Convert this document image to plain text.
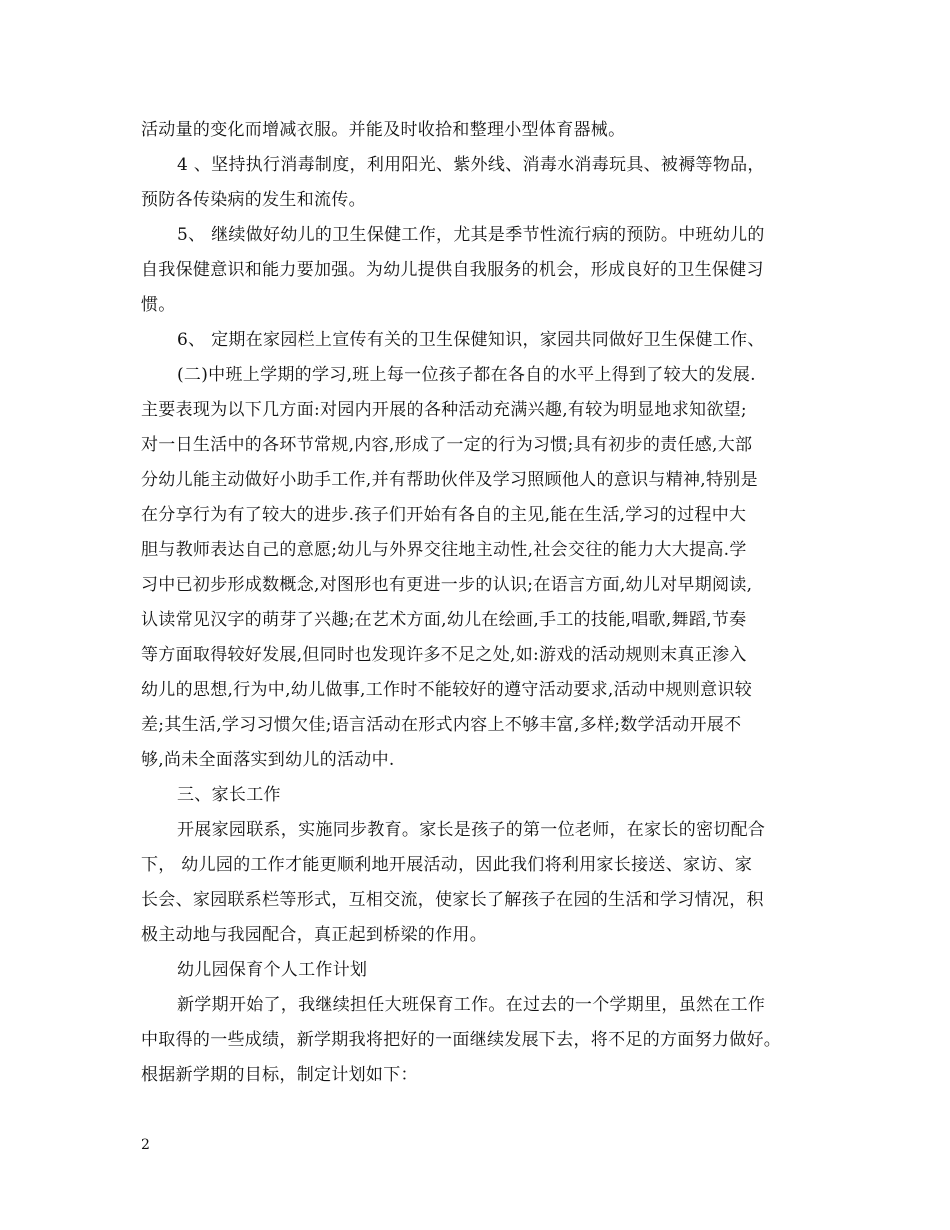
活动量的变化而增减衣服。并能及时收拾和整理小型体育器械。
4 、坚持执行消毒制度，利用阳光、紫外线、消毒水消毒玩具、被褥等物品，
预防各传染病的发生和流传。
5、 继续做好幼儿的卫生保健工作，尤其是季节性流行病的预防。中班幼儿的
自我保健意识和能力要加强。为幼儿提供自我服务的机会，形成良好的卫生保健习
惯。
6、 定期在家园栏上宣传有关的卫生保健知识，家园共同做好卫生保健工作、
(二)中班上学期的学习,班上每一位孩子都在各自的水平上得到了较大的发展.
主要表现为以下几方面:对园内开展的各种活动充满兴趣,有较为明显地求知欲望;
对一日生活中的各环节常规,内容,形成了一定的行为习惯;具有初步的责任感,大部
分幼儿能主动做好小助手工作,并有帮助伙伴及学习照顾他人的意识与精神,特别是
在分享行为有了较大的进步.孩子们开始有各自的主见,能在生活,学习的过程中大
胆与教师表达自己的意愿;幼儿与外界交往地主动性,社会交往的能力大大提高.学
习中已初步形成数概念,对图形也有更进一步的认识;在语言方面,幼儿对早期阅读,
认读常见汉字的萌芽了兴趣;在艺术方面,幼儿在绘画,手工的技能,唱歌,舞蹈,节奏
等方面取得较好发展,但同时也发现许多不足之处,如:游戏的活动规则末真正渗入
幼儿的思想,行为中,幼儿做事,工作时不能较好的遵守活动要求,活动中规则意识较
差;其生活,学习习惯欠佳;语言活动在形式内容上不够丰富,多样;数学活动开展不
够,尚未全面落实到幼儿的活动中.
三、家长工作
开展家园联系，实施同步教育。家长是孩子的第一位老师，在家长的密切配合
下， 幼儿园的工作才能更顺利地开展活动，因此我们将利用家长接送、家访、家
长会、家园联系栏等形式，互相交流，使家长了解孩子在园的生活和学习情况，积
极主动地与我园配合，真正起到桥梁的作用。
幼儿园保育个人工作计划
新学期开始了，我继续担任大班保育工作。在过去的一个学期里，虽然在工作
中取得的一些成绩，新学期我将把好的一面继续发展下去，将不足的方面努力做好。
根据新学期的目标，制定计划如下：
2
